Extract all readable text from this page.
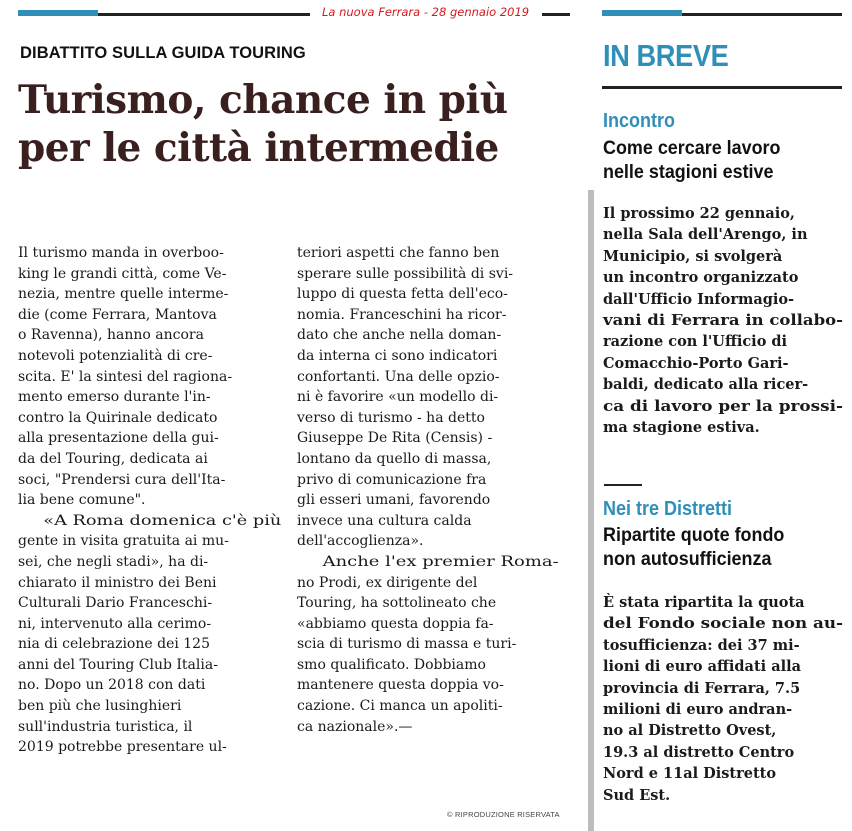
La nuova Ferrara - 28 gennaio 2019
DIBATTITO SULLA GUIDA TOURING
Turismo, chance in più
per le città intermedie
Il turismo manda in overboo-
king le grandi città, come Ve-
nezia, mentre quelle interme-
die (come Ferrara, Mantova
o Ravenna), hanno ancora
notevoli potenzialità di cre-
scita. E' la sintesi del ragiona-
mento emerso durante l'in-
contro la Quirinale dedicato
alla presentazione della gui-
da del Touring, dedicata ai
soci, "Prendersi cura dell'Ita-
lia bene comune".
«A Roma domenica c'è più
gente in visita gratuita ai mu-
sei, che negli stadi», ha di-
chiarato il ministro dei Beni
Culturali Dario Franceschi-
ni, intervenuto alla cerimo-
nia di celebrazione dei 125
anni del Touring Club Italia-
no. Dopo un 2018 con dati
ben più che lusinghieri
sull'industria turistica, il
2019 potrebbe presentare ul-
teriori aspetti che fanno ben
sperare sulle possibilità di svi-
luppo di questa fetta dell'eco-
nomia. Franceschini ha ricor-
dato che anche nella doman-
da interna ci sono indicatori
confortanti. Una delle opzio-
ni è favorire «un modello di-
verso di turismo - ha detto
Giuseppe De Rita (Censis) -
lontano da quello di massa,
privo di comunicazione fra
gli esseri umani, favorendo
invece una cultura calda
dell'accoglienza».
Anche l'ex premier Roma-
no Prodi, ex dirigente del
Touring, ha sottolineato che
«abbiamo questa doppia fa-
scia di turismo di massa e turi-
smo qualificato. Dobbiamo
mantenere questa doppia vo-
cazione. Ci manca un apoliti-
ca nazionale».—
© RIPRODUZIONE RISERVATA
IN BREVE
Incontro
Come cercare lavoro
nelle stagioni estive
Il prossimo 22 gennaio,
nella Sala dell'Arengo, in
Municipio, si svolgerà
un incontro organizzato
dall'Ufficio Informagio-
vani di Ferrara in collabo-
razione con l'Ufficio di
Comacchio-Porto Gari-
baldi, dedicato alla ricer-
ca di lavoro per la prossi-
ma stagione estiva.
Nei tre Distretti
Ripartite quote fondo
non autosufficienza
È stata ripartita la quota
del Fondo sociale non au-
tosufficienza: dei 37 mi-
lioni di euro affidati alla
provincia di Ferrara, 7.5
milioni di euro andran-
no al Distretto Ovest,
19.3 al distretto Centro
Nord e 11al Distretto
Sud Est.
